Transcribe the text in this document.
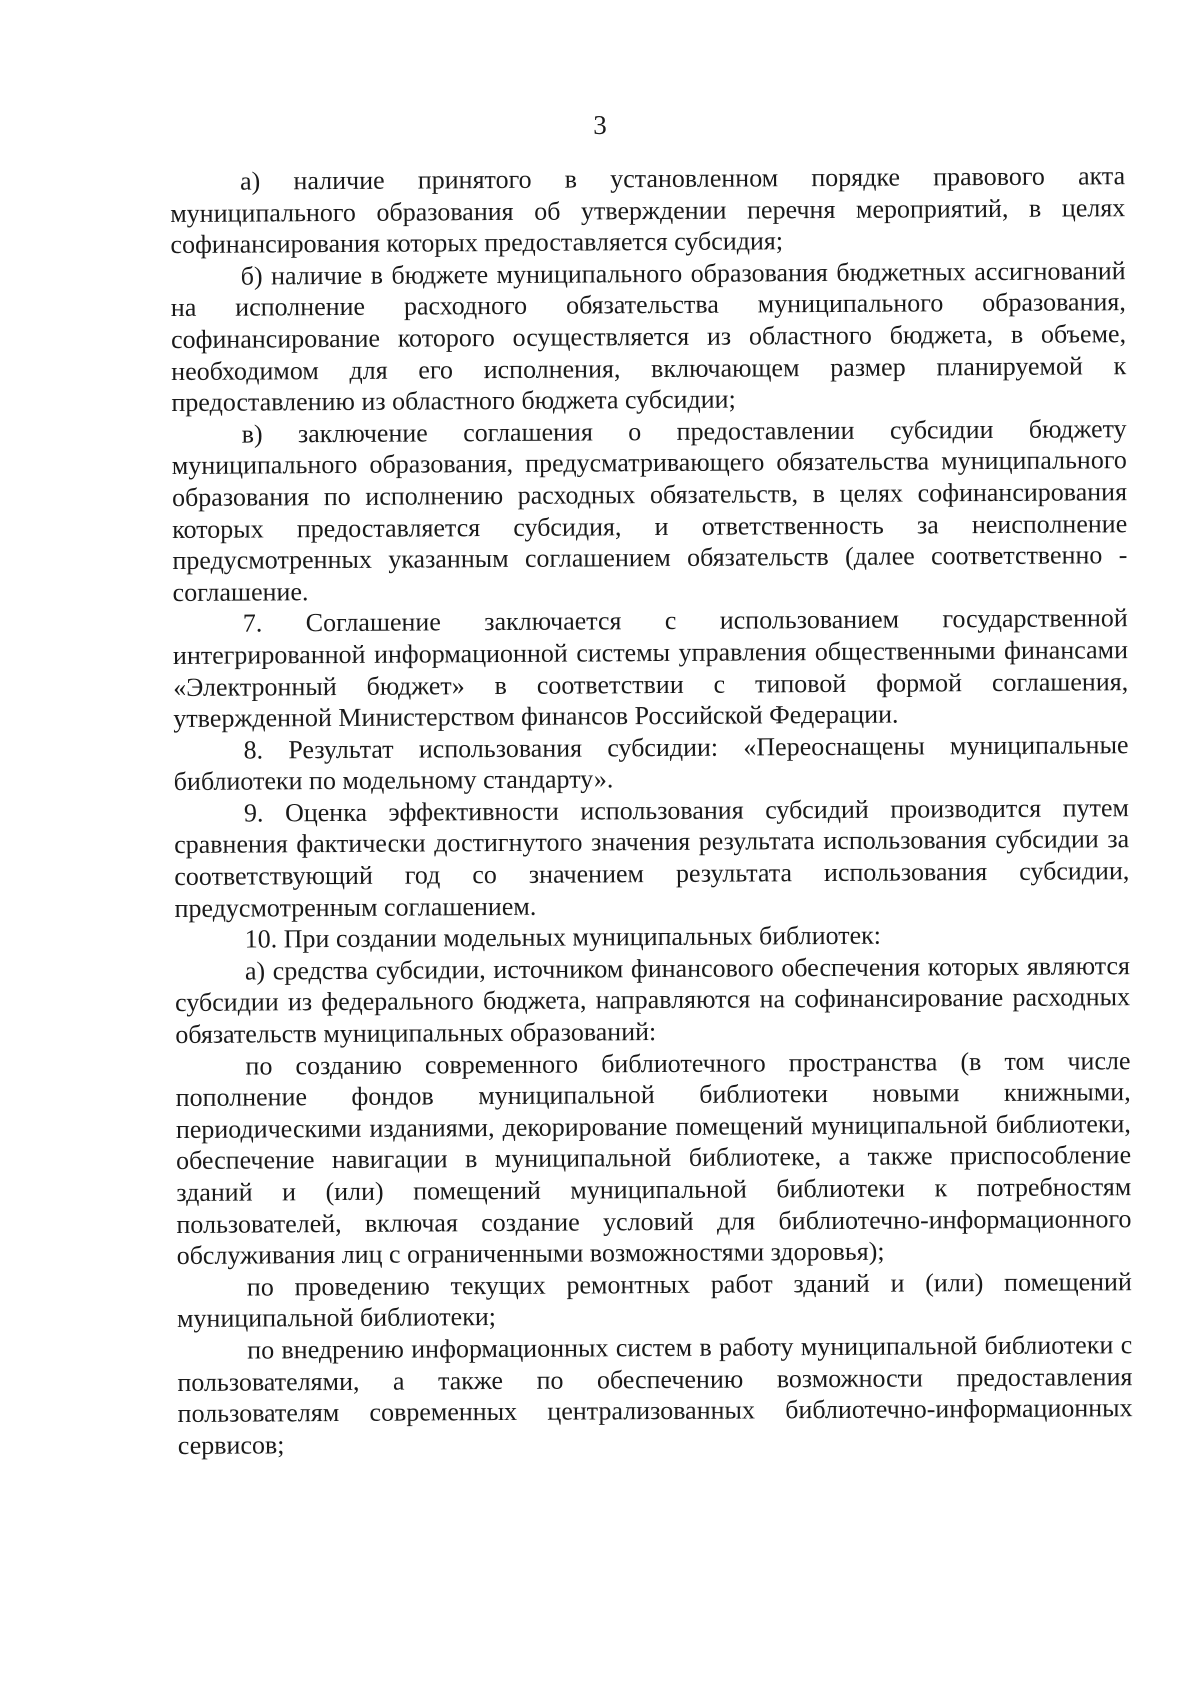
3

а) наличие принятого в установленном порядке правового акта муниципального образования об утверждении перечня мероприятий, в целях софинансирования которых предоставляется субсидия;

б) наличие в бюджете муниципального образования бюджетных ассигнований на исполнение расходного обязательства муниципального образования, софинансирование которого осуществляется из областного бюджета, в объеме, необходимом для его исполнения, включающем размер планируемой к предоставлению из областного бюджета субсидии;

в) заключение соглашения о предоставлении субсидии бюджету муниципального образования, предусматривающего обязательства муниципального образования по исполнению расходных обязательств, в целях софинансирования которых предоставляется субсидия, и ответственность за неисполнение предусмотренных указанным соглашением обязательств (далее соответственно - соглашение.

7. Соглашение заключается с использованием государственной интегрированной информационной системы управления общественными финансами «Электронный бюджет» в соответствии с типовой формой соглашения, утвержденной Министерством финансов Российской Федерации.

8. Результат использования субсидии: «Переоснащены муниципальные библиотеки по модельному стандарту».

9. Оценка эффективности использования субсидий производится путем сравнения фактически достигнутого значения результата использования субсидии за соответствующий год со значением результата использования субсидии, предусмотренным соглашением.

10. При создании модельных муниципальных библиотек:

а) средства субсидии, источником финансового обеспечения которых являются субсидии из федерального бюджета, направляются на софинансирование расходных обязательств муниципальных образований:

по созданию современного библиотечного пространства (в том числе пополнение фондов муниципальной библиотеки новыми книжными, периодическими изданиями, декорирование помещений муниципальной библиотеки, обеспечение навигации в муниципальной библиотеке, а также приспособление зданий и (или) помещений муниципальной библиотеки к потребностям пользователей, включая создание условий для библиотечно-информационного обслуживания лиц с ограниченными возможностями здоровья);

по проведению текущих ремонтных работ зданий и (или) помещений муниципальной библиотеки;

по внедрению информационных систем в работу муниципальной библиотеки с пользователями, а также по обеспечению возможности предоставления пользователям современных централизованных библиотечно-информационных сервисов;
